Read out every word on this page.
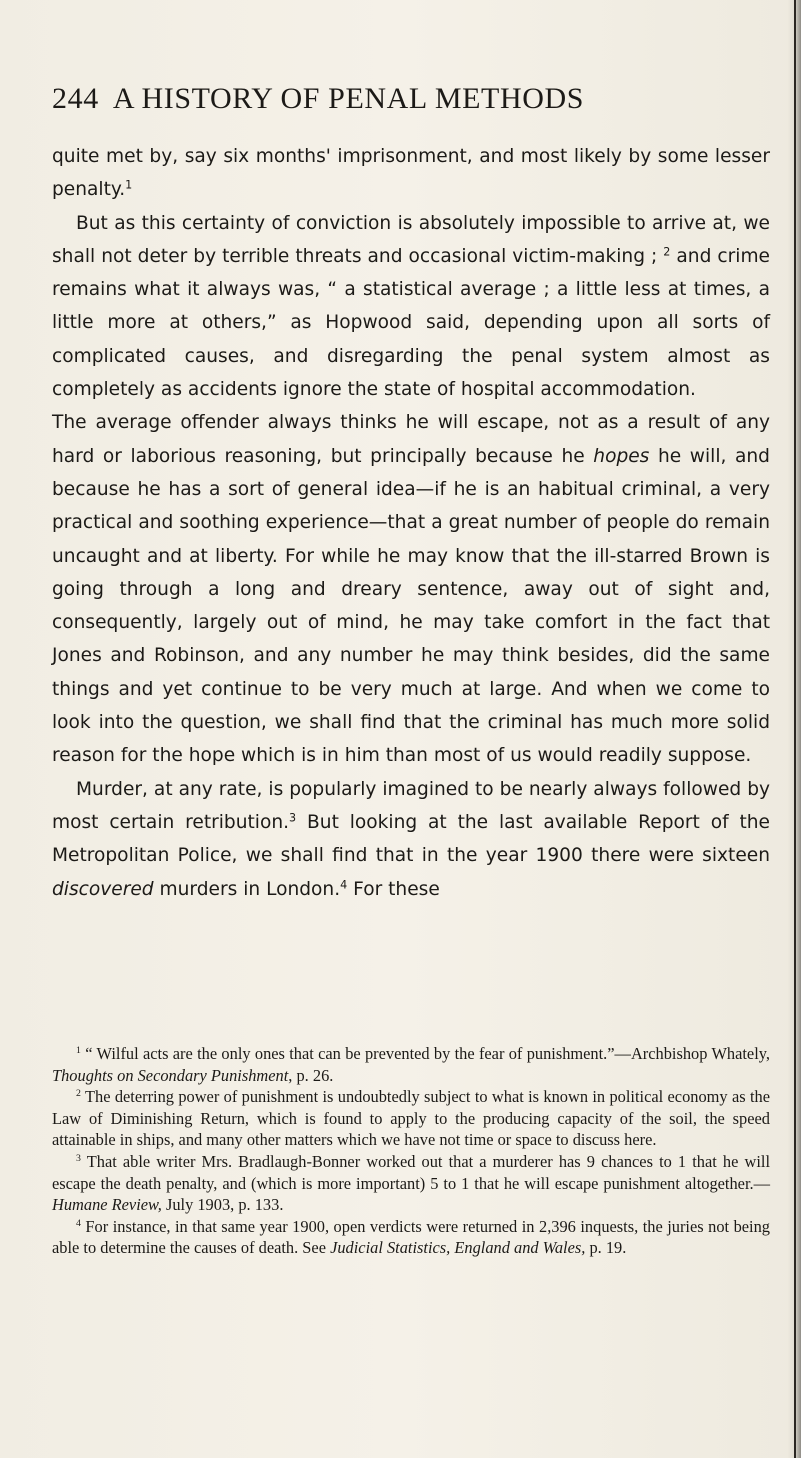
244 A HISTORY OF PENAL METHODS

quite met by, say six months' imprisonment, and most likely by some lesser penalty.$^1$

But as this certainty of conviction is absolutely impossible to arrive at, we shall not deter by terrible threats and occasional victim-making ; $^2$ and crime remains what it always was, “ a statistical average ; a little less at times, a little more at others,” as Hopwood said, depending upon all sorts of complicated causes, and disregarding the penal system almost as completely as accidents ignore the state of hospital accommodation.

The average offender always thinks he will escape, not as a result of any hard or laborious reasoning, but principally because he hopes he will, and because he has a sort of general idea—if he is an habitual criminal, a very practical and soothing experience—that a great number of people do remain uncaught and at liberty. For while he may know that the ill-starred Brown is going through a long and dreary sentence, away out of sight and, consequently, largely out of mind, he may take comfort in the fact that Jones and Robinson, and any number he may think besides, did the same things and yet continue to be very much at large. And when we come to look into the question, we shall find that the criminal has much more solid reason for the hope which is in him than most of us would readily suppose.

Murder, at any rate, is popularly imagined to be nearly always followed by most certain retribution.$^3$ But looking at the last available Report of the Metropolitan Police, we shall find that in the year 1900 there were sixteen discovered murders in London.$^4$ For these

$^1$ “ Wilful acts are the only ones that can be prevented by the fear of punishment.”—Archbishop Whately, Thoughts on Secondary Punishment, p. 26.

$^2$ The deterring power of punishment is undoubtedly subject to what is known in political economy as the Law of Diminishing Return, which is found to apply to the producing capacity of the soil, the speed attainable in ships, and many other matters which we have not time or space to discuss here.

$^3$ That able writer Mrs. Bradlaugh-Bonner worked out that a murderer has 9 chances to 1 that he will escape the death penalty, and (which is more important) 5 to 1 that he will escape punishment altogether.—Humane Review, July 1903, p. 133.

$^4$ For instance, in that same year 1900, open verdicts were returned in 2,396 inquests, the juries not being able to determine the causes of death. See Judicial Statistics, England and Wales, p. 19.
